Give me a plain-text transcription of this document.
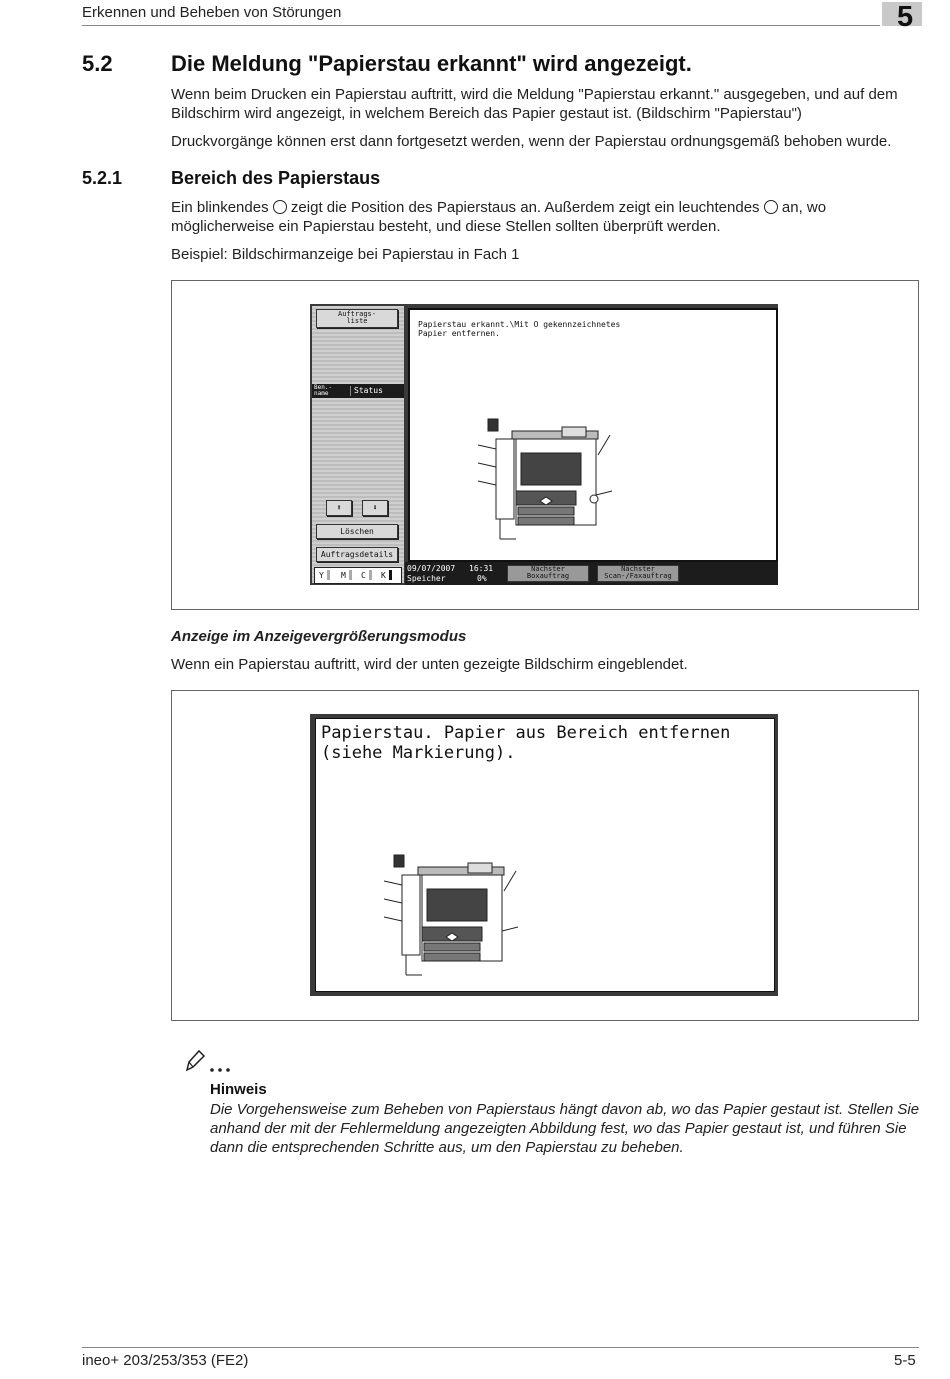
Erkennen und Beheben von Störungen	5
5.2	Die Meldung "Papierstau erkannt" wird angezeigt.
Wenn beim Drucken ein Papierstau auftritt, wird die Meldung "Papierstau erkannt." ausgegeben, und auf dem Bildschirm wird angezeigt, in welchem Bereich das Papier gestaut ist. (Bildschirm "Papierstau")
Druckvorgänge können erst dann fortgesetzt werden, wenn der Papierstau ordnungsgemäß behoben wurde.
5.2.1	Bereich des Papierstaus
Ein blinkendes zeigt die Position des Papierstaus an. Außerdem zeigt ein leuchtendes an, wo möglicherweise ein Papierstau besteht, und diese Stellen sollten überprüft werden.
Beispiel: Bildschirmanzeige bei Papierstau in Fach 1
Auftrags-
liste
Ben.-
name	Status
⬆	⬇
Löschen
Auftragsdetails
Y M C K
Papierstau erkannt.\Mit O gekennzeichnetes
Papier entfernen.
09/07/2007 16:31
Speicher	0%
Nächster
Boxauftrag
Nächster
Scan-/Faxauftrag
Anzeige im Anzeigevergrößerungsmodus
Wenn ein Papierstau auftritt, wird der unten gezeigte Bildschirm eingeblendet.
Papierstau. Papier aus Bereich entfernen
(siehe Markierung).
Hinweis
Die Vorgehensweise zum Beheben von Papierstaus hängt davon ab, wo das Papier gestaut ist. Stellen Sie anhand der mit der Fehlermeldung angezeigten Abbildung fest, wo das Papier gestaut ist, und führen Sie dann die entsprechenden Schritte aus, um den Papierstau zu beheben.
ineo+ 203/253/353 (FE2)	5-5
